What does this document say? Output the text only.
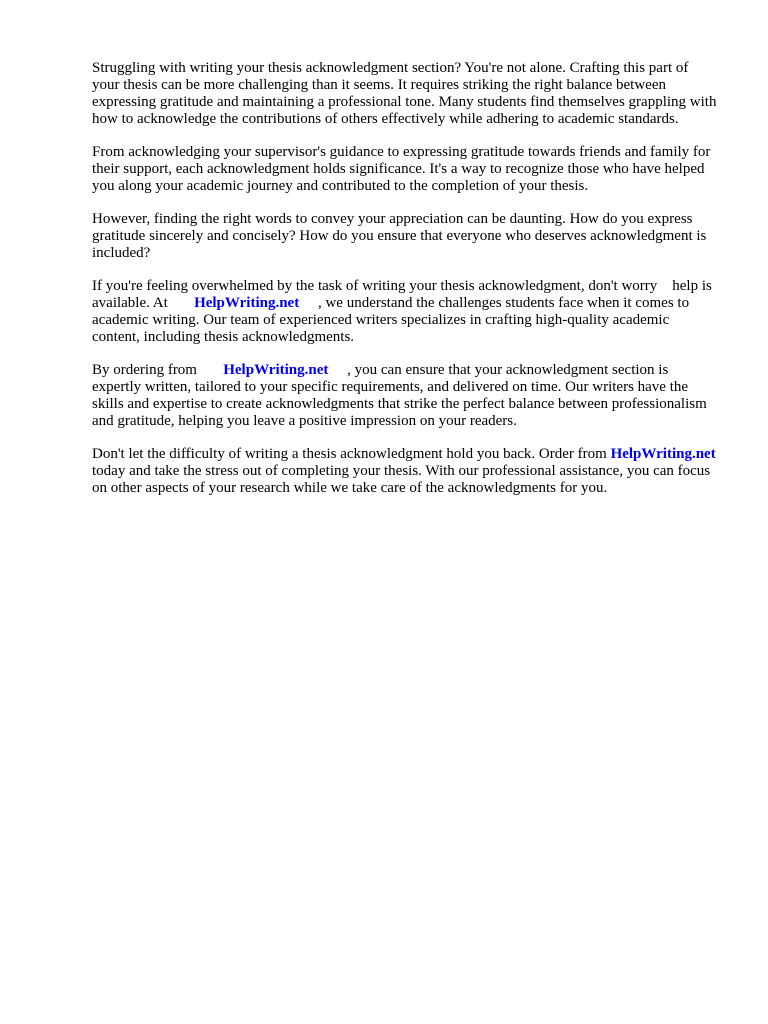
Struggling with writing your thesis acknowledgment section? You're not alone. Crafting this part of your thesis can be more challenging than it seems. It requires striking the right balance between expressing gratitude and maintaining a professional tone. Many students find themselves grappling with how to acknowledge the contributions of others effectively while adhering to academic standards.

From acknowledging your supervisor's guidance to expressing gratitude towards friends and family for their support, each acknowledgment holds significance. It's a way to recognize those who have helped you along your academic journey and contributed to the completion of your thesis.

However, finding the right words to convey your appreciation can be daunting. How do you express gratitude sincerely and concisely? How do you ensure that everyone who deserves acknowledgment is included?

If you're feeling overwhelmed by the task of writing your thesis acknowledgment, don't worry    help is available. At       HelpWriting.net     , we understand the challenges students face when it comes to academic writing. Our team of experienced writers specializes in crafting high-quality academic content, including thesis acknowledgments.

By ordering from       HelpWriting.net     , you can ensure that your acknowledgment section is expertly written, tailored to your specific requirements, and delivered on time. Our writers have the skills and expertise to create acknowledgments that strike the perfect balance between professionalism and gratitude, helping you leave a positive impression on your readers.

Don't let the difficulty of writing a thesis acknowledgment hold you back. Order from HelpWriting.net      today and take the stress out of completing your thesis. With our professional assistance, you can focus on other aspects of your research while we take care of the acknowledgments for you.
